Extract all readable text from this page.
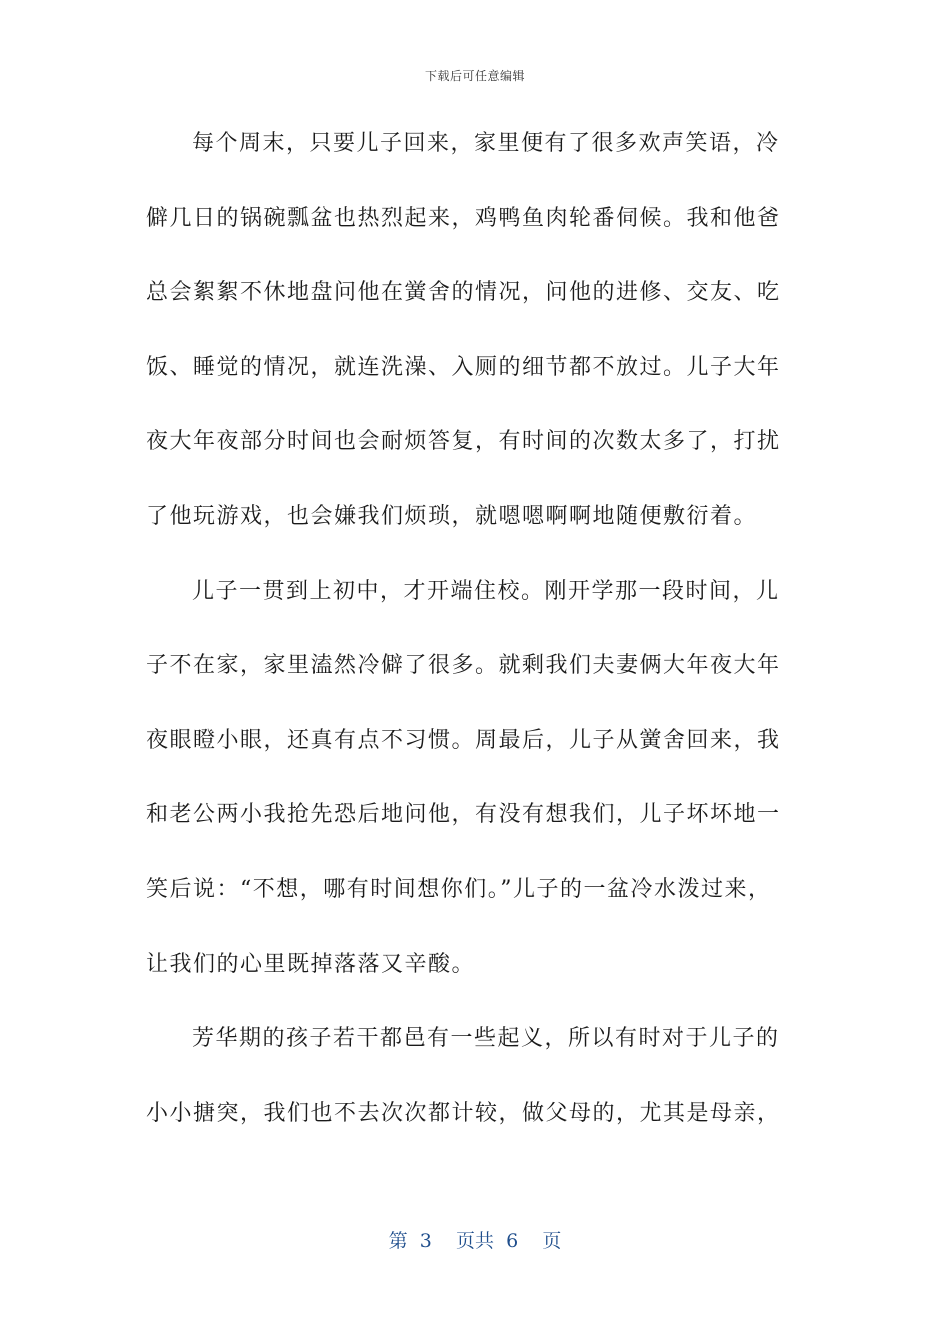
下载后可任意编辑
每个周末，只要儿子回来，家里便有了很多欢声笑语，冷
僻几日的锅碗瓢盆也热烈起来，鸡鸭鱼肉轮番伺候。我和他爸
总会絮絮不休地盘问他在黉舍的情况，问他的进修、交友、吃
饭、睡觉的情况，就连洗澡、入厕的细节都不放过。儿子大年
夜大年夜部分时间也会耐烦答复，有时间的次数太多了，打扰
了他玩游戏，也会嫌我们烦琐，就嗯嗯啊啊地随便敷衍着。
儿子一贯到上初中，才开端住校。刚开学那一段时间，儿
子不在家，家里溘然冷僻了很多。就剩我们夫妻俩大年夜大年
夜眼瞪小眼，还真有点不习惯。周最后，儿子从黉舍回来，我
和老公两小我抢先恐后地问他，有没有想我们，儿子坏坏地一
笑后说：“不想，哪有时间想你们。”儿子的一盆冷水泼过来，
让我们的心里既掉落落又辛酸。
芳华期的孩子若干都邑有一些起义，所以有时对于儿子的
小小搪突，我们也不去次次都计较，做父母的，尤其是母亲，
第  3    页共  6    页
